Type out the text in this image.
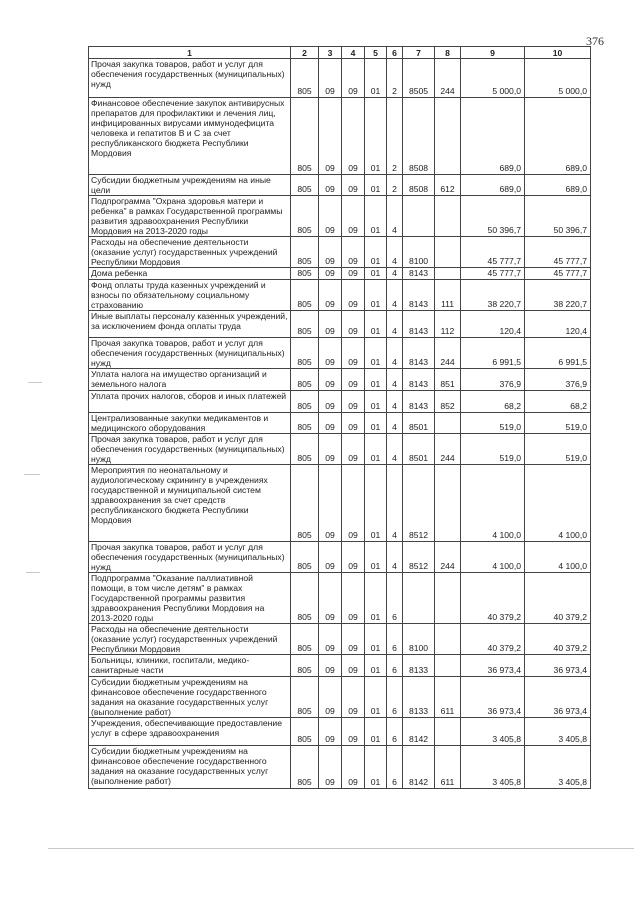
376
1	2	3	4	5	6	7	8	9	10
Прочая закупка товаров, работ и услуг для обеспечения государственных (муниципальных) нужд	805	09	09	01	2	8505	244	5 000,0	5 000,0
Финансовое обеспечение закупок антивирусных препаратов для профилактики и лечения лиц, инфицированных вирусами иммунодефицита человека и гепатитов В и С за счет республиканского бюджета Республики Мордовия	805	09	09	01	2	8508		689,0	689,0
Субсидии бюджетным учреждениям на иные цели	805	09	09	01	2	8508	612	689,0	689,0
Подпрограмма "Охрана здоровья матери и ребенка" в рамках Государственной программы развития здравоохранения Республики Мордовия на 2013-2020 годы	805	09	09	01	4			50 396,7	50 396,7
Расходы на обеспечение деятельности (оказание услуг) государственных учреждений Республики Мордовия	805	09	09	01	4	8100		45 777,7	45 777,7
Дома ребенка	805	09	09	01	4	8143		45 777,7	45 777,7
Фонд оплаты труда казенных учреждений и взносы по обязательному социальному страхованию	805	09	09	01	4	8143	111	38 220,7	38 220,7
Иные выплаты персоналу казенных учреждений, за исключением фонда оплаты труда	805	09	09	01	4	8143	112	120,4	120,4
Прочая закупка товаров, работ и услуг для обеспечения государственных (муниципальных) нужд	805	09	09	01	4	8143	244	6 991,5	6 991,5
Уплата налога на имущество организаций и земельного налога	805	09	09	01	4	8143	851	376,9	376,9
Уплата прочих налогов, сборов и иных платежей	805	09	09	01	4	8143	852	68,2	68,2
Централизованные закупки медикаментов и медицинского оборудования	805	09	09	01	4	8501		519,0	519,0
Прочая закупка товаров, работ и услуг для обеспечения государственных (муниципальных) нужд	805	09	09	01	4	8501	244	519,0	519,0
Мероприятия по неонатальному и аудиологическому скринингу в учреждениях государственной и муниципальной систем здравоохранения за счет средств республиканского бюджета Республики Мордовия	805	09	09	01	4	8512		4 100,0	4 100,0
Прочая закупка товаров, работ и услуг для обеспечения государственных (муниципальных) нужд	805	09	09	01	4	8512	244	4 100,0	4 100,0
Подпрограмма "Оказание паллиативной помощи, в том числе детям" в рамках Государственной программы развития здравоохранения Республики Мордовия на 2013-2020 годы	805	09	09	01	6			40 379,2	40 379,2
Расходы на обеспечение деятельности (оказание услуг) государственных учреждений Республики Мордовия	805	09	09	01	6	8100		40 379,2	40 379,2
Больницы, клиники, госпитали, медико-санитарные части	805	09	09	01	6	8133		36 973,4	36 973,4
Субсидии бюджетным учреждениям на финансовое обеспечение государственного задания на оказание государственных услуг (выполнение работ)	805	09	09	01	6	8133	611	36 973,4	36 973,4
Учреждения, обеспечивающие предоставление услуг в сфере здравоохранения	805	09	09	01	6	8142		3 405,8	3 405,8
Субсидии бюджетным учреждениям на финансовое обеспечение государственного задания на оказание государственных услуг (выполнение работ)	805	09	09	01	6	8142	611	3 405,8	3 405,8
